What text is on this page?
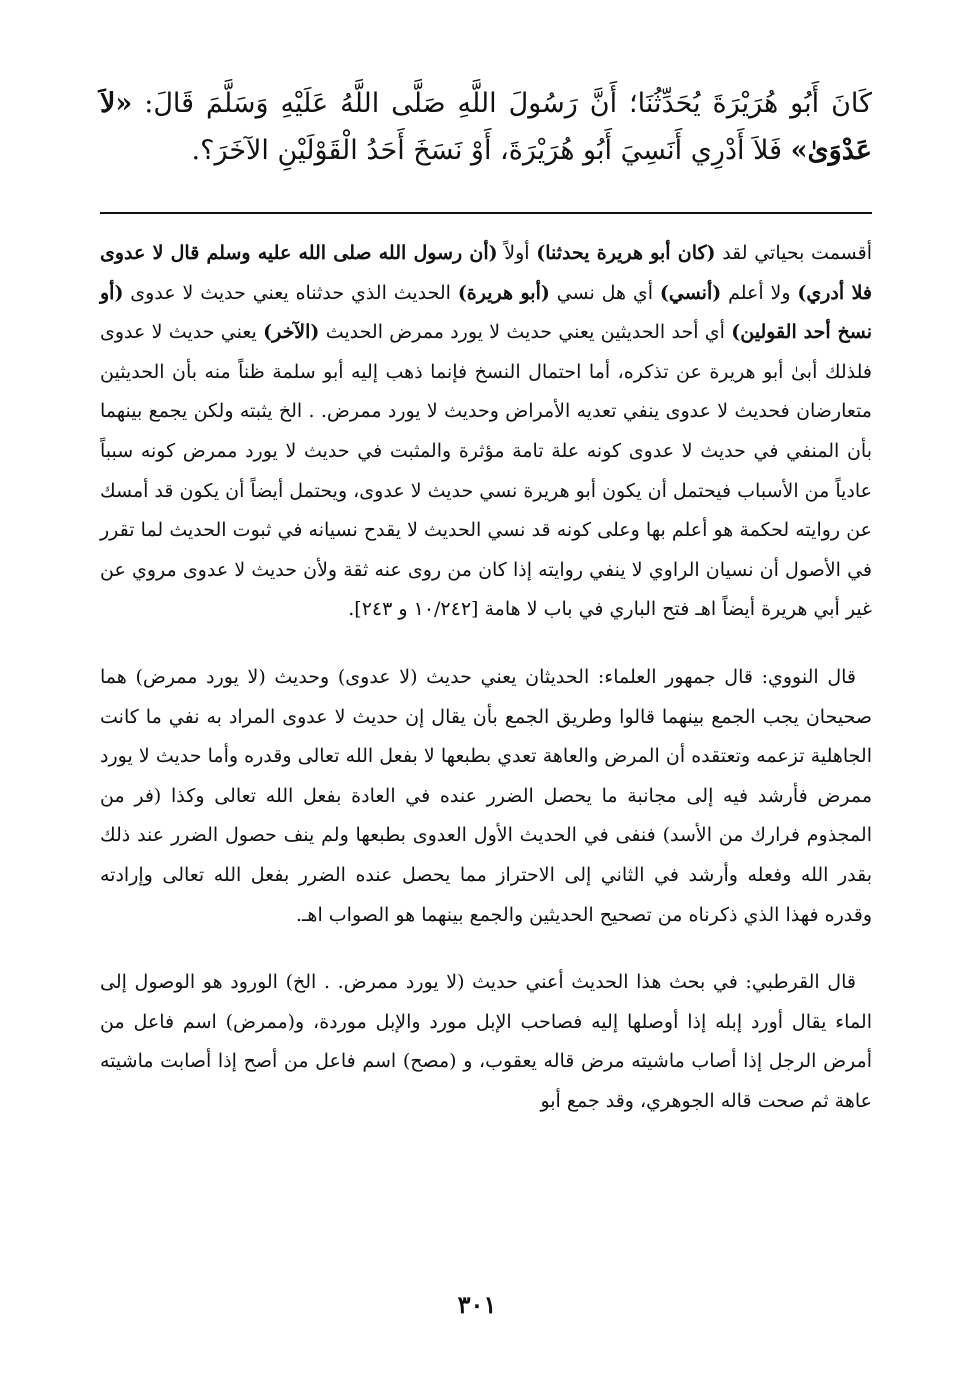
كَانَ أَبُو هُرَيْرَةَ يُحَدِّثُنَا؛ أَنَّ رَسُولَ اللَّهِ صَلَّى اللَّهُ عَلَيْهِ وَسَلَّمَ قَالَ: «لاَ عَدْوَىٰ» فَلاَ أَدْرِي أَنَسِيَ أَبُو هُرَيْرَةَ، أَوْ نَسَخَ أَحَدُ الْقَوْلَيْنِ الآخَرَ؟.

أقسمت بحياتي لقد (كان أبو هريرة يحدثنا) أولاً (أن رسول الله صلى الله عليه وسلم قال لا عدوى فلا أدري) ولا أعلم (أنسي) أي هل نسي (أبو هريرة) الحديث الذي حدثناه يعني حديث لا عدوى (أو نسخ أحد القولين) أي أحد الحديثين يعني حديث لا يورد ممرض الحديث (الآخر) يعني حديث لا عدوى فلذلك أبىٰ أبو هريرة عن تذكره، أما احتمال النسخ فإنما ذهب إليه أبو سلمة ظناً منه بأن الحديثين متعارضان فحديث لا عدوى ينفي تعديه الأمراض وحديث لا يورد ممرض. . الخ يثبته ولكن يجمع بينهما بأن المنفي في حديث لا عدوى كونه علة تامة مؤثرة والمثبت في حديث لا يورد ممرض كونه سبباً عادياً من الأسباب فيحتمل أن يكون أبو هريرة نسي حديث لا عدوى، ويحتمل أيضاً أن يكون قد أمسك عن روايته لحكمة هو أعلم بها وعلى كونه قد نسي الحديث لا يقدح نسيانه في ثبوت الحديث لما تقرر في الأصول أن نسيان الراوي لا ينفي روايته إذا كان من روى عنه ثقة ولأن حديث لا عدوى مروي عن غير أبي هريرة أيضاً اهـ فتح الباري في باب لا هامة [١٠/٢٤٢ و ٢٤٣].

قال النووي: قال جمهور العلماء: الحديثان يعني حديث (لا عدوى) وحديث (لا يورد ممرض) هما صحيحان يجب الجمع بينهما قالوا وطريق الجمع بأن يقال إن حديث لا عدوى المراد به نفي ما كانت الجاهلية تزعمه وتعتقده أن المرض والعاهة تعدي بطبعها لا بفعل الله تعالى وقدره وأما حديث لا يورد ممرض فأرشد فيه إلى مجانبة ما يحصل الضرر عنده في العادة بفعل الله تعالى وكذا (فر من المجذوم فرارك من الأسد) فنفى في الحديث الأول العدوى بطبعها ولم ينف حصول الضرر عند ذلك بقدر الله وفعله وأرشد في الثاني إلى الاحتراز مما يحصل عنده الضرر بفعل الله تعالى وإرادته وقدره فهذا الذي ذكرناه من تصحيح الحديثين والجمع بينهما هو الصواب اهـ.

قال القرطبي: في بحث هذا الحديث أعني حديث (لا يورد ممرض. . الخ) الورود هو الوصول إلى الماء يقال أورد إبله إذا أوصلها إليه فصاحب الإبل مورد والإبل موردة، و(ممرض) اسم فاعل من أمرض الرجل إذا أصاب ماشيته مرض قاله يعقوب، و (مصح) اسم فاعل من أصح إذا أصابت ماشيته عاهة ثم صحت قاله الجوهري، وقد جمع أبو

٣٠١
